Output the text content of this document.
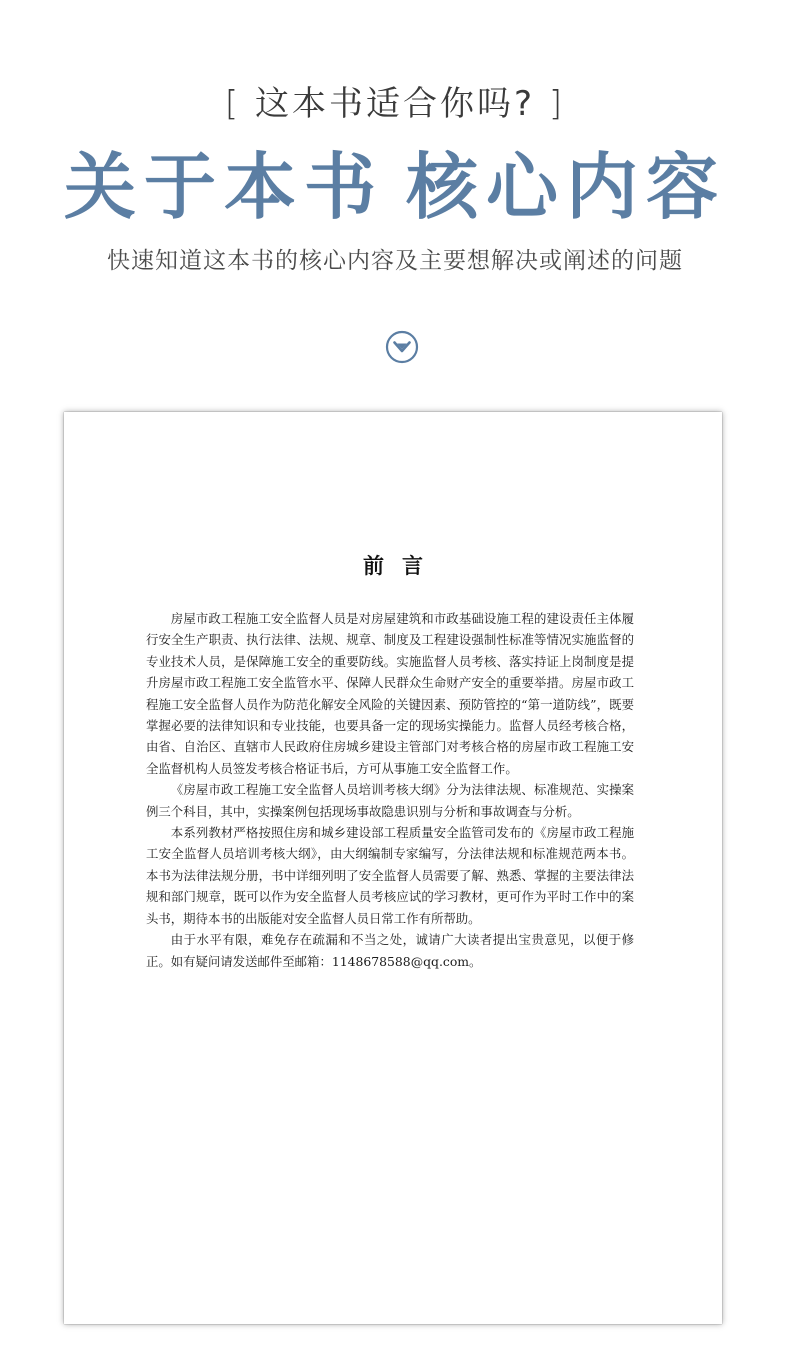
[ 这本书适合你吗? ]
关于本书 核心内容
快速知道这本书的核心内容及主要想解决或阐述的问题
前言

房屋市政工程施工安全监督人员是对房屋建筑和市政基础设施工程的建设责任主体履行安全生产职责、执行法律、法规、规章、制度及工程建设强制性标准等情况实施监督的专业技术人员，是保障施工安全的重要防线。实施监督人员考核、落实持证上岗制度是提升房屋市政工程施工安全监管水平、保障人民群众生命财产安全的重要举措。房屋市政工程施工安全监督人员作为防范化解安全风险的关键因素、预防管控的“第一道防线”，既要掌握必要的法律知识和专业技能，也要具备一定的现场实操能力。监督人员经考核合格，由省、自治区、直辖市人民政府住房城乡建设主管部门对考核合格的房屋市政工程施工安全监督机构人员签发考核合格证书后，方可从事施工安全监督工作。

《房屋市政工程施工安全监督人员培训考核大纲》分为法律法规、标准规范、实操案例三个科目，其中，实操案例包括现场事故隐患识别与分析和事故调查与分析。

本系列教材严格按照住房和城乡建设部工程质量安全监管司发布的《房屋市政工程施工安全监督人员培训考核大纲》，由大纲编制专家编写，分法律法规和标准规范两本书。本书为法律法规分册，书中详细列明了安全监督人员需要了解、熟悉、掌握的主要法律法规和部门规章，既可以作为安全监督人员考核应试的学习教材，更可作为平时工作中的案头书，期待本书的出版能对安全监督人员日常工作有所帮助。

由于水平有限，难免存在疏漏和不当之处，诚请广大读者提出宝贵意见，以便于修正。如有疑问请发送邮件至邮箱：1148678588@qq.com。
